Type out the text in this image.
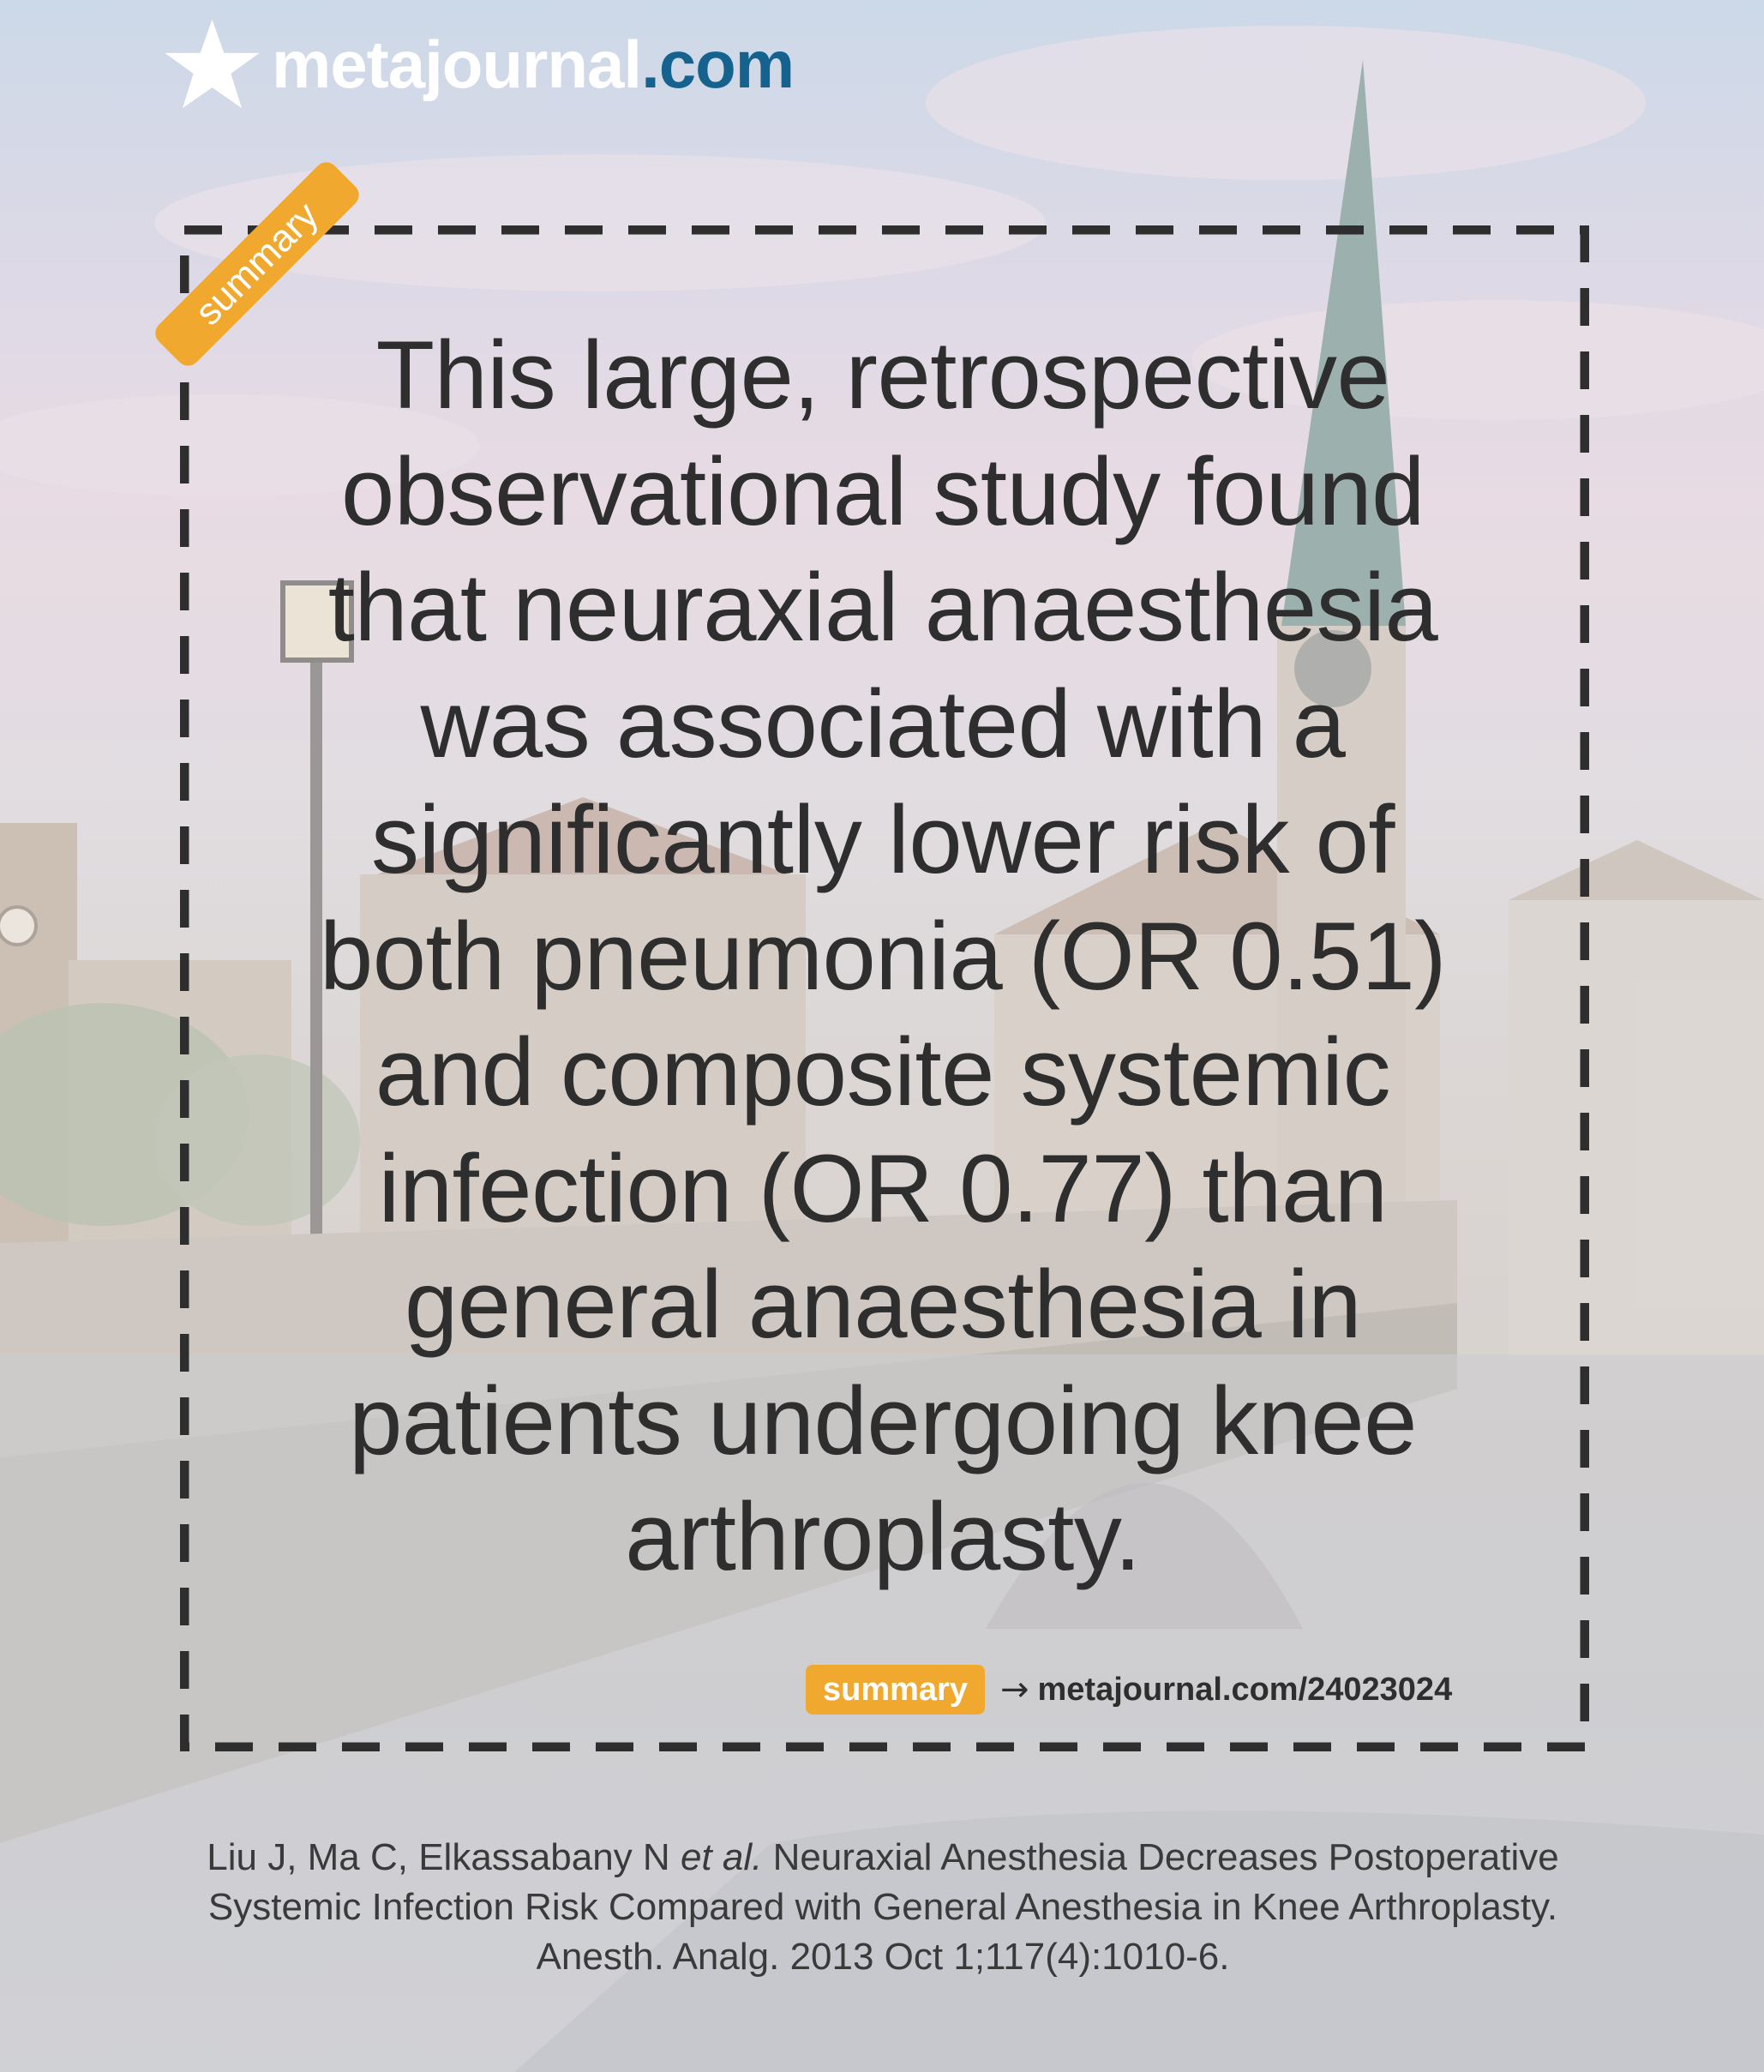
metajournal.com
summary
This large, retrospective observational study found that neuraxial anaesthesia was associated with a significantly lower risk of both pneumonia (OR 0.51) and composite systemic infection (OR 0.77) than general anaesthesia in patients undergoing knee arthroplasty.
summary → metajournal.com/24023024
Liu J, Ma C, Elkassabany N et al. Neuraxial Anesthesia Decreases Postoperative
Systemic Infection Risk Compared with General Anesthesia in Knee Arthroplasty.
Anesth. Analg. 2013 Oct 1;117(4):1010-6.
